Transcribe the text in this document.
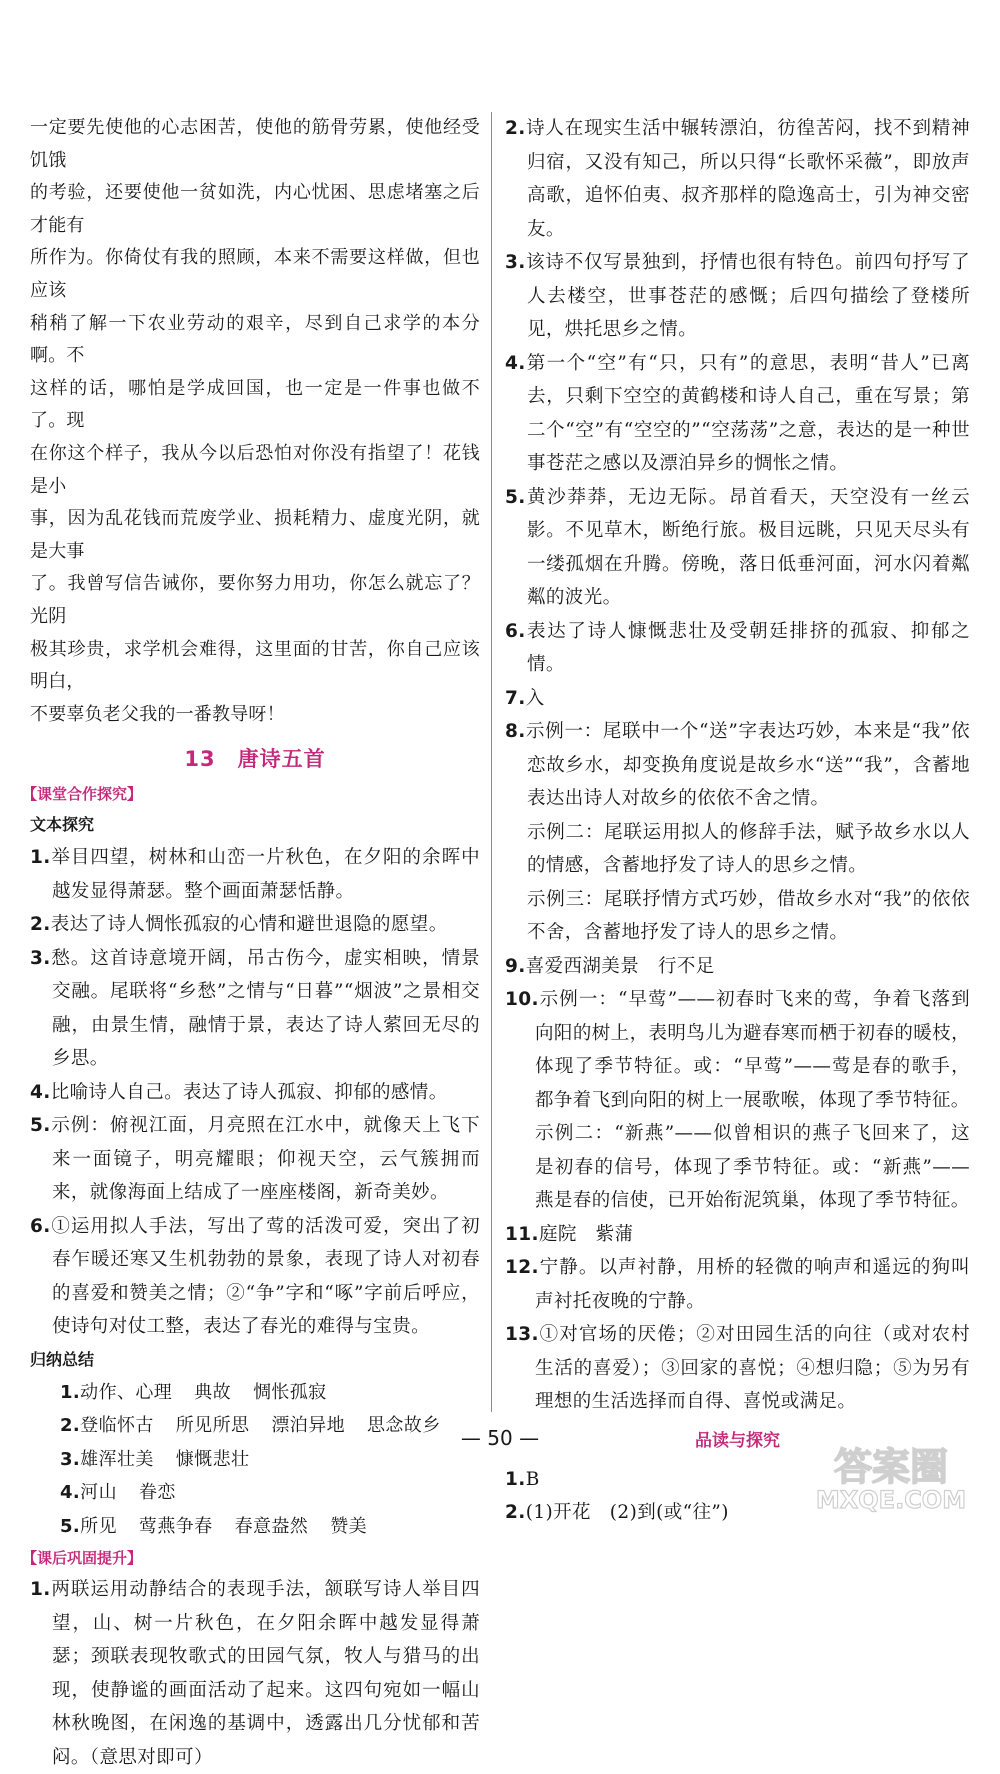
一定要先使他的心志困苦，使他的筋骨劳累，使他经受饥饿

的考验，还要使他一贫如洗，内心忧困、思虑堵塞之后才能有

所作为。你倚仗有我的照顾，本来不需要这样做，但也应该

稍稍了解一下农业劳动的艰辛，尽到自己求学的本分啊。不

这样的话，哪怕是学成回国，也一定是一件事也做不了。现

在你这个样子，我从今以后恐怕对你没有指望了！花钱是小

事，因为乱花钱而荒废学业、损耗精力、虚度光阴，就是大事

了。我曾写信告诫你，要你努力用功，你怎么就忘了？光阴

极其珍贵，求学机会难得，这里面的甘苦，你自己应该明白，

不要辜负老父我的一番教导呀！

13 唐诗五首
【课堂合作探究】
文本探究

1.举目四望，树林和山峦一片秋色，在夕阳的余晖中越发显得萧瑟。整个画面萧瑟恬静。

2.表达了诗人惆怅孤寂的心情和避世退隐的愿望。

3.愁。这首诗意境开阔，吊古伤今，虚实相映，情景交融。尾联将“乡愁”之情与“日暮”“烟波”之景相交融，由景生情，融情于景，表达了诗人萦回无尽的乡思。

4.比喻诗人自己。表达了诗人孤寂、抑郁的感情。

5.示例：俯视江面，月亮照在江水中，就像天上飞下来一面镜子，明亮耀眼；仰视天空，云气簇拥而来，就像海面上结成了一座座楼阁，新奇美妙。

6.①运用拟人手法，写出了莺的活泼可爱，突出了初春乍暖还寒又生机勃勃的景象，表现了诗人对初春的喜爱和赞美之情；②“争”字和“啄”字前后呼应，使诗句对仗工整，表达了春光的难得与宝贵。

归纳总结

1.动作、心理 典故 惆怅孤寂

2.登临怀古 所见所思 漂泊异地 思念故乡

3.雄浑壮美 慷慨悲壮

4.河山 眷恋

5.所见 莺燕争春 春意盎然 赞美

【课后巩固提升】

1.两联运用动静结合的表现手法，颔联写诗人举目四望，山、树一片秋色，在夕阳余晖中越发显得萧瑟；颈联表现牧歌式的田园气氛，牧人与猎马的出现，使静谧的画面活动了起来。这四句宛如一幅山林秋晚图，在闲逸的基调中，透露出几分忧郁和苦闷。（意思对即可）

2.诗人在现实生活中辗转漂泊，彷徨苦闷，找不到精神归宿，又没有知己，所以只得“长歌怀采薇”，即放声高歌，追怀伯夷、叔齐那样的隐逸高士，引为神交密友。

3.该诗不仅写景独到，抒情也很有特色。前四句抒写了人去楼空，世事苍茫的感慨；后四句描绘了登楼所见，烘托思乡之情。

4.第一个“空”有“只，只有”的意思，表明“昔人”已离去，只剩下空空的黄鹤楼和诗人自己，重在写景；第二个“空”有“空空的”“空荡荡”之意，表达的是一种世事苍茫之感以及漂泊异乡的惆怅之情。

5.黄沙莽莽，无边无际。昂首看天，天空没有一丝云影。不见草木，断绝行旅。极目远眺，只见天尽头有一缕孤烟在升腾。傍晚，落日低垂河面，河水闪着粼粼的波光。

6.表达了诗人慷慨悲壮及受朝廷排挤的孤寂、抑郁之情。

7.入

8.示例一：尾联中一个“送”字表达巧妙，本来是“我”依恋故乡水，却变换角度说是故乡水“送”“我”，含蓄地表达出诗人对故乡的依依不舍之情。

示例二：尾联运用拟人的修辞手法，赋予故乡水以人的情感，含蓄地抒发了诗人的思乡之情。

示例三：尾联抒情方式巧妙，借故乡水对“我”的依依不舍，含蓄地抒发了诗人的思乡之情。

9.喜爱西湖美景　行不足

10.示例一：“早莺”——初春时飞来的莺，争着飞落到向阳的树上，表明鸟儿为避春寒而栖于初春的暖枝，体现了季节特征。或：“早莺”——莺是春的歌手，都争着飞到向阳的树上一展歌喉，体现了季节特征。

示例二：“新燕”——似曾相识的燕子飞回来了，这是初春的信号，体现了季节特征。或：“新燕”——燕是春的信使，已开始衔泥筑巢，体现了季节特征。

11.庭院　紫蒲

12.宁静。以声衬静，用桥的轻微的响声和遥远的狗叫声衬托夜晚的宁静。

13.①对官场的厌倦；②对田园生活的向往（或对农村生活的喜爱）；③回家的喜悦；④想归隐；⑤为另有理想的生活选择而自得、喜悦或满足。

品读与探究

1.B

2.(1)开花　(2)到(或“往”)

— 50 —
答案圈
MXQE.COM
